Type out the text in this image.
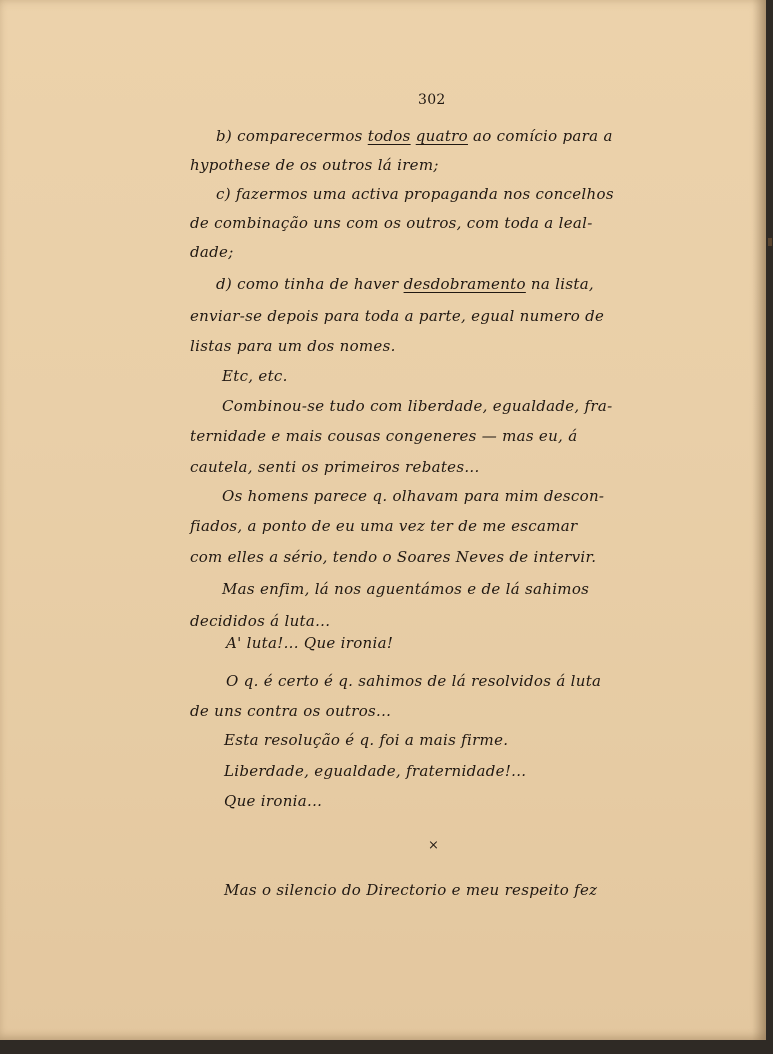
302
b) comparecermos todos quatro ao comício para a
hypothese de os outros lá irem;
c) fazermos uma activa propaganda nos concelhos
de combinação uns com os outros, com toda a leal-
dade;
d) como tinha de haver desdobramento na lista,
enviar-se depois para toda a parte, egual numero de
listas para um dos nomes.
Etc, etc.
Combinou-se tudo com liberdade, egualdade, fra-
ternidade e mais cousas congeneres — mas eu, á
cautela, senti os primeiros rebates...
Os homens parece q. olhavam para mim descon-
fiados, a ponto de eu uma vez ter de me escamar
com elles a sério, tendo o Soares Neves de intervir.
Mas enfim, lá nos aguentámos e de lá sahimos
decididos á luta...
A' luta!... Que ironia!
O q. é certo é q. sahimos de lá resolvidos á luta
de uns contra os outros...
Esta resolução é q. foi a mais firme.
Liberdade, egualdade, fraternidade!...
Que ironia...
×
Mas o silencio do Directorio e meu respeito fez
